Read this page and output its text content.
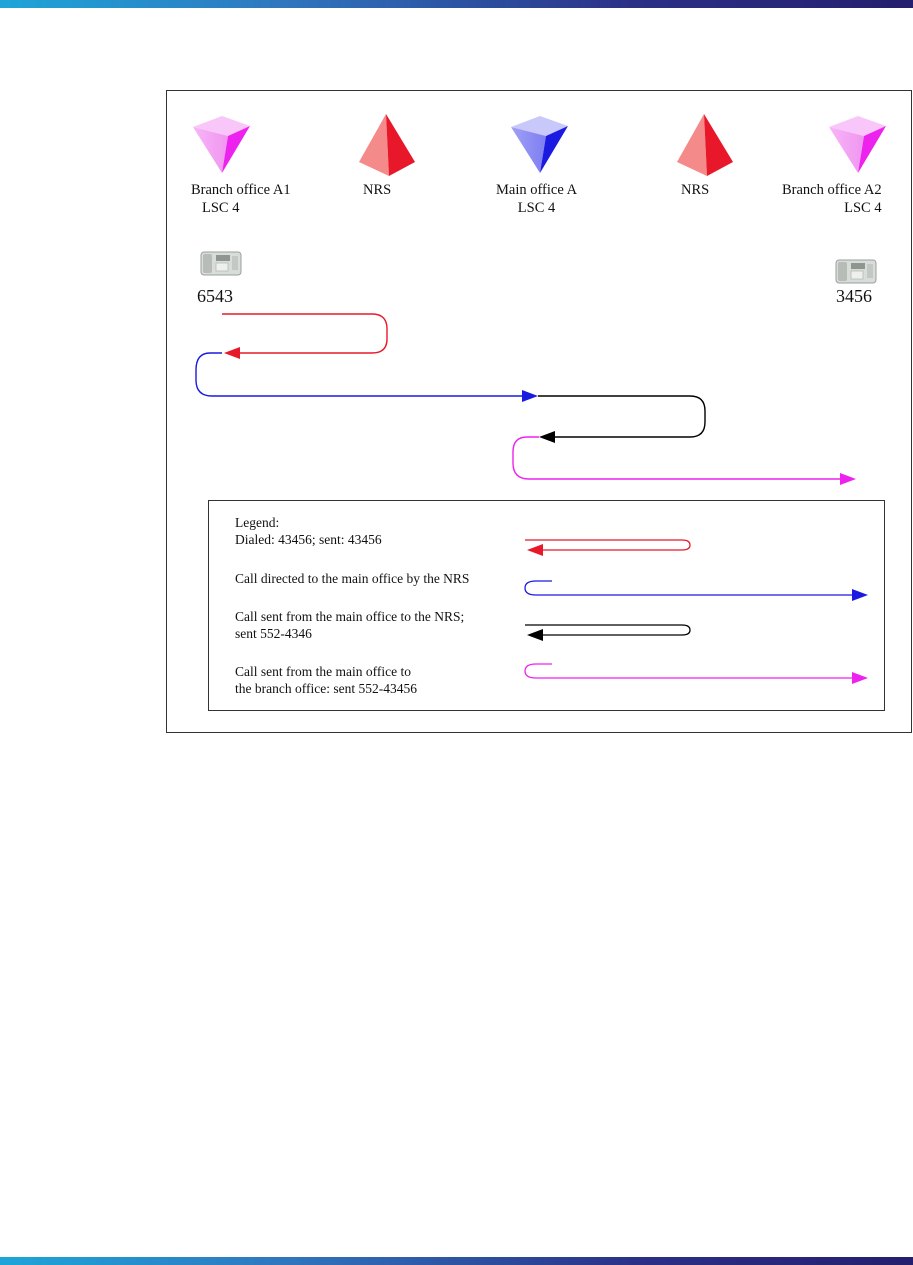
Branch office A1
LSC 4
NRS	Main office A
LSC 4
NRS	Branch office A2
LSC 4
6543	3456
Legend:
Dialed: 43456; sent: 43456
Call directed to the main office by the NRS
Call sent from the main office to the NRS;
sent 552-4346
Call sent from the main office to
the branch office: sent 552-43456
